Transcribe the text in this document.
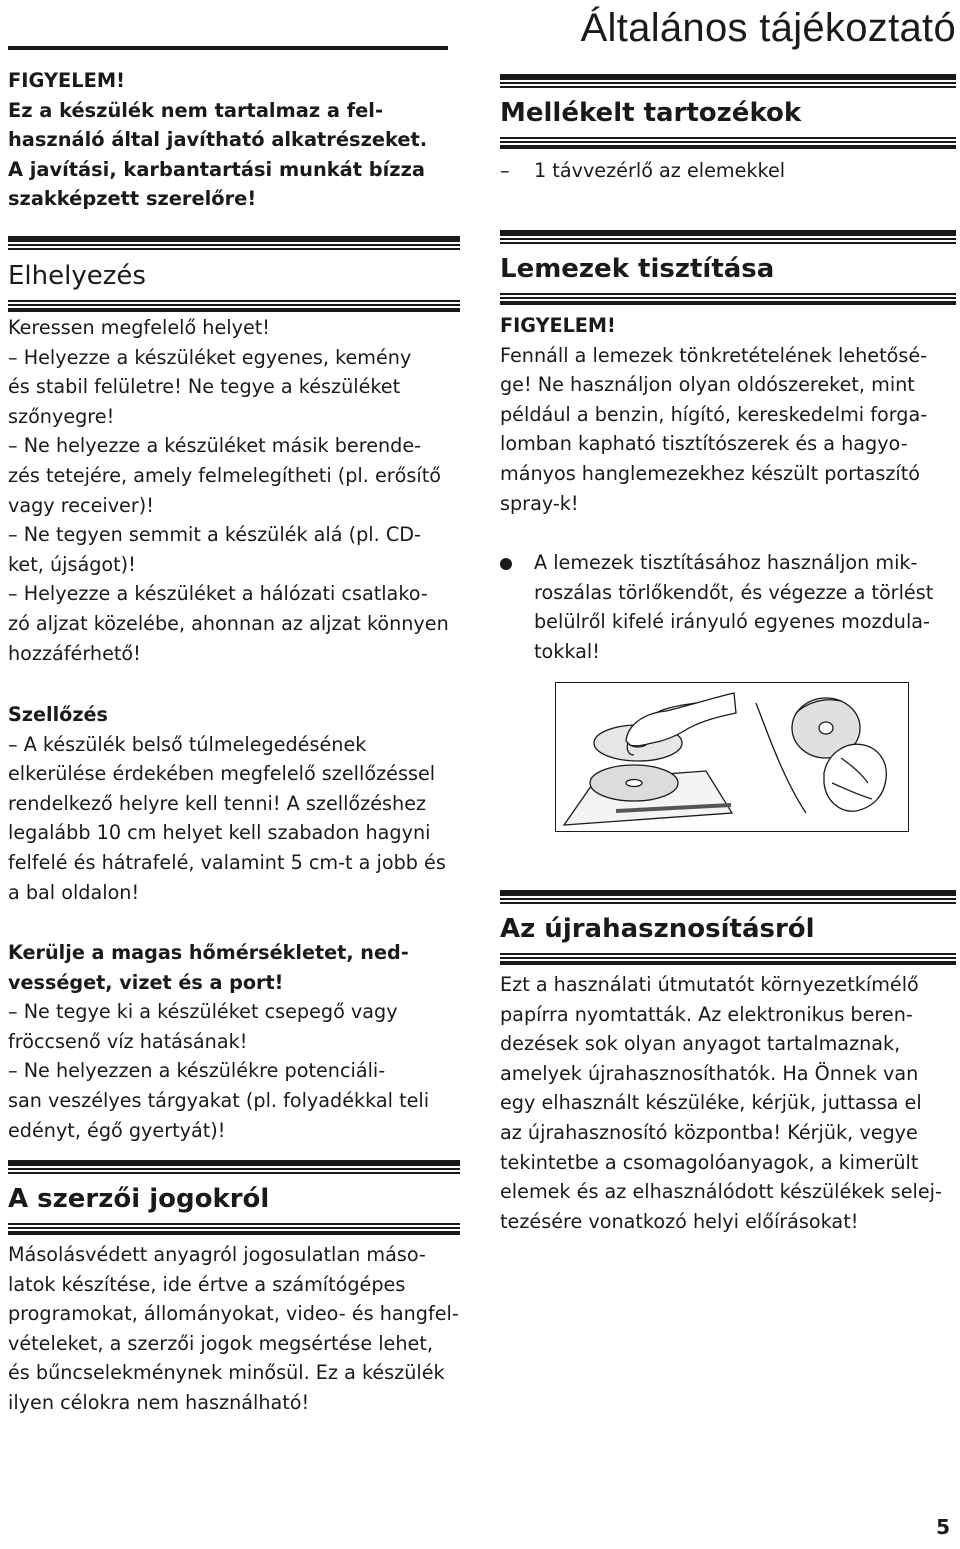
Általános tájékoztató

FIGYELEM!

Ez a készülék nem tartalmaz a fel-

használó által javítható alkatrészeket.

A javítási, karbantartási munkát bízza

szakképzett szerelőre!

Elhelyezés

Keressen megfelelő helyet!

– Helyezze a készüléket egyenes, kemény

és stabil felületre! Ne tegye a készüléket

szőnyegre!

– Ne helyezze a készüléket másik berende-

zés tetejére, amely felmelegítheti (pl. erősítő

vagy receiver)!

– Ne tegyen semmit a készülék alá (pl. CD-

ket, újságot)!

– Helyezze a készüléket a hálózati csatlako-

zó aljzat közelébe, ahonnan az aljzat könnyen

hozzáférhető!

Szellőzés

– A készülék belső túlmelegedésének

elkerülése érdekében megfelelő szellőzéssel

rendelkező helyre kell tenni! A szellőzéshez

legalább 10 cm helyet kell szabadon hagyni

felfelé és hátrafelé, valamint 5 cm-t a jobb és

a bal oldalon!

Kerülje a magas hőmérsékletet, ned-

vességet, vizet és a port!

– Ne tegye ki a készüléket csepegő vagy

fröccsenő víz hatásának!

– Ne helyezzen a készülékre potenciáli-

san veszélyes tárgyakat (pl. folyadékkal teli

edényt, égő gyertyát)!

A szerzői jogokról

Másolásvédett anyagról jogosulatlan máso-

latok készítése, ide értve a számítógépes

programokat, állományokat, video- és hangfel-

vételeket, a szerzői jogok megsértése lehet,

és bűncselekménynek minősül. Ez a készülék

ilyen célokra nem használható!

Mellékelt tartozékok

– 1 távvezérlő az elemekkel

Lemezek tisztítása

FIGYELEM!

Fennáll a lemezek tönkretételének lehetősé-

ge! Ne használjon olyan oldószereket, mint

például a benzin, hígító, kereskedelmi forga-

lomban kapható tisztítószerek és a hagyo-

mányos hanglemezekhez készült portaszító

spray-k!

A lemezek tisztításához használjon mik-

roszálas törlőkendőt, és végezze a törlést

belülről kifelé irányuló egyenes mozdula-

tokkal!

Az újrahasznosításról

Ezt a használati útmutatót környezetkímélő

papírra nyomtatták. Az elektronikus beren-

dezések sok olyan anyagot tartalmaznak,

amelyek újrahasznosíthatók. Ha Önnek van

egy elhasznált készüléke, kérjük, juttassa el

az újrahasznosító központba! Kérjük, vegye

tekintetbe a csomagolóanyagok, a kimerült

elemek és az elhasználódott készülékek selej-

tezésére vonatkozó helyi előírásokat!

5
